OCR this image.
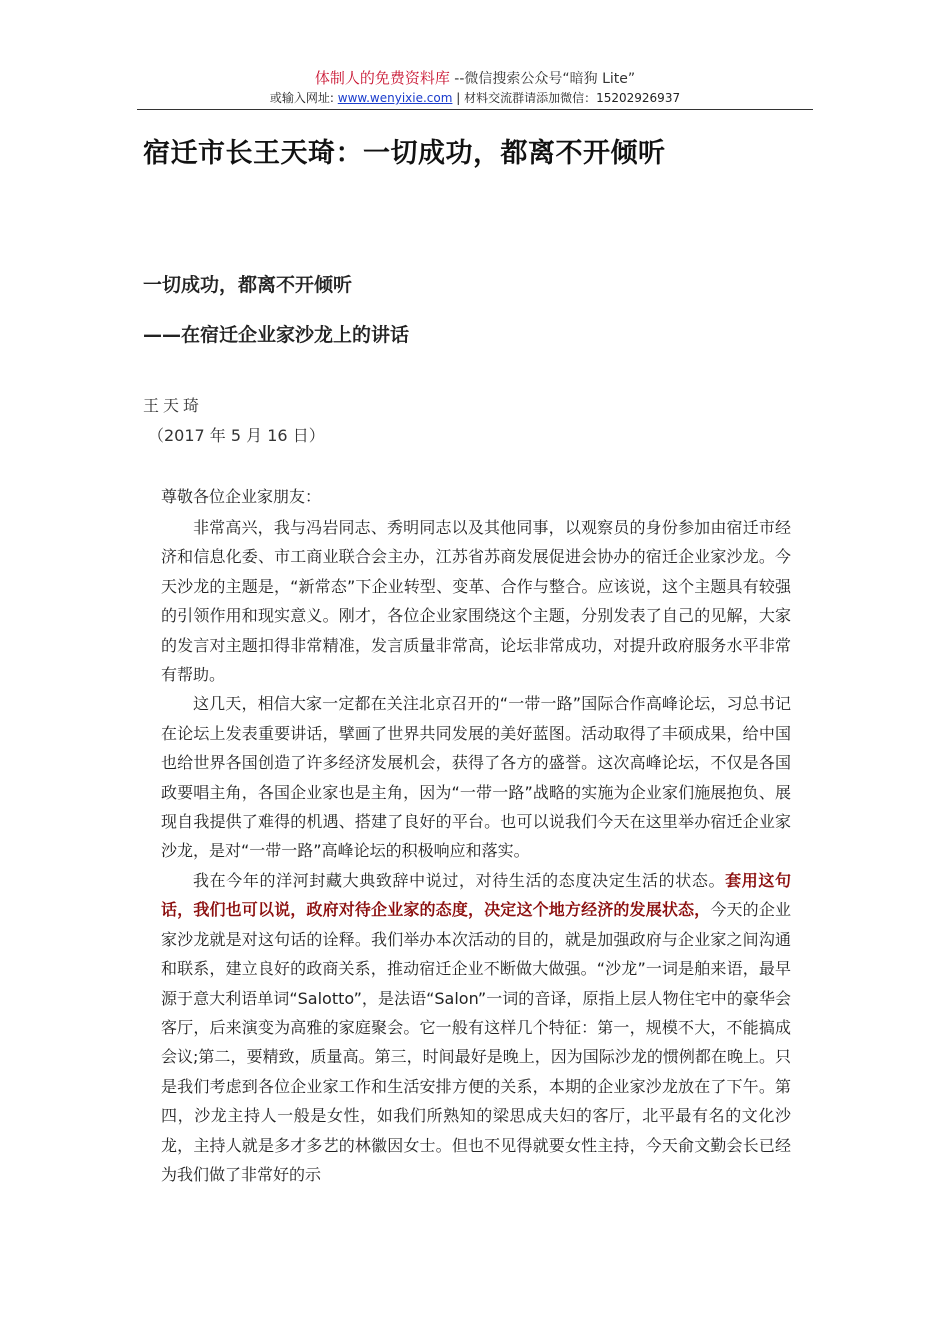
体制人的免费资料库 --微信搜索公众号“暗狗 Lite”
或输入网址: www.wenyixie.com | 材料交流群请添加微信：15202926937
宿迁市长王天琦：一切成功，都离不开倾听
一切成功，都离不开倾听
——在宿迁企业家沙龙上的讲话
王天琦
（2017 年 5 月 16 日）
尊敬各位企业家朋友：

非常高兴，我与冯岩同志、秀明同志以及其他同事，以观察员的身份参加由宿迁市经济和信息化委、市工商业联合会主办，江苏省苏商发展促进会协办的宿迁企业家沙龙。今天沙龙的主题是，“新常态”下企业转型、变革、合作与整合。应该说，这个主题具有较强的引领作用和现实意义。刚才，各位企业家围绕这个主题，分别发表了自己的见解，大家的发言对主题扣得非常精准，发言质量非常高，论坛非常成功，对提升政府服务水平非常有帮助。

这几天，相信大家一定都在关注北京召开的“一带一路”国际合作高峰论坛，习总书记在论坛上发表重要讲话，擘画了世界共同发展的美好蓝图。活动取得了丰硕成果，给中国也给世界各国创造了许多经济发展机会，获得了各方的盛誉。这次高峰论坛，不仅是各国政要唱主角，各国企业家也是主角，因为“一带一路”战略的实施为企业家们施展抱负、展现自我提供了难得的机遇、搭建了良好的平台。也可以说我们今天在这里举办宿迁企业家沙龙，是对“一带一路”高峰论坛的积极响应和落实。

我在今年的洋河封藏大典致辞中说过，对待生活的态度决定生活的状态。套用这句话，我们也可以说，政府对待企业家的态度，决定这个地方经济的发展状态，今天的企业家沙龙就是对这句话的诠释。我们举办本次活动的目的，就是加强政府与企业家之间沟通和联系，建立良好的政商关系，推动宿迁企业不断做大做强。“沙龙”一词是舶来语，最早源于意大利语单词“Salotto”，是法语“Salon”一词的音译，原指上层人物住宅中的豪华会客厅，后来演变为高雅的家庭聚会。它一般有这样几个特征：第一，规模不大，不能搞成会议;第二，要精致，质量高。第三，时间最好是晚上，因为国际沙龙的惯例都在晚上。只是我们考虑到各位企业家工作和生活安排方便的关系，本期的企业家沙龙放在了下午。第四，沙龙主持人一般是女性，如我们所熟知的梁思成夫妇的客厅，北平最有名的文化沙龙，主持人就是多才多艺的林徽因女士。但也不见得就要女性主持，今天俞文勤会长已经为我们做了非常好的示
